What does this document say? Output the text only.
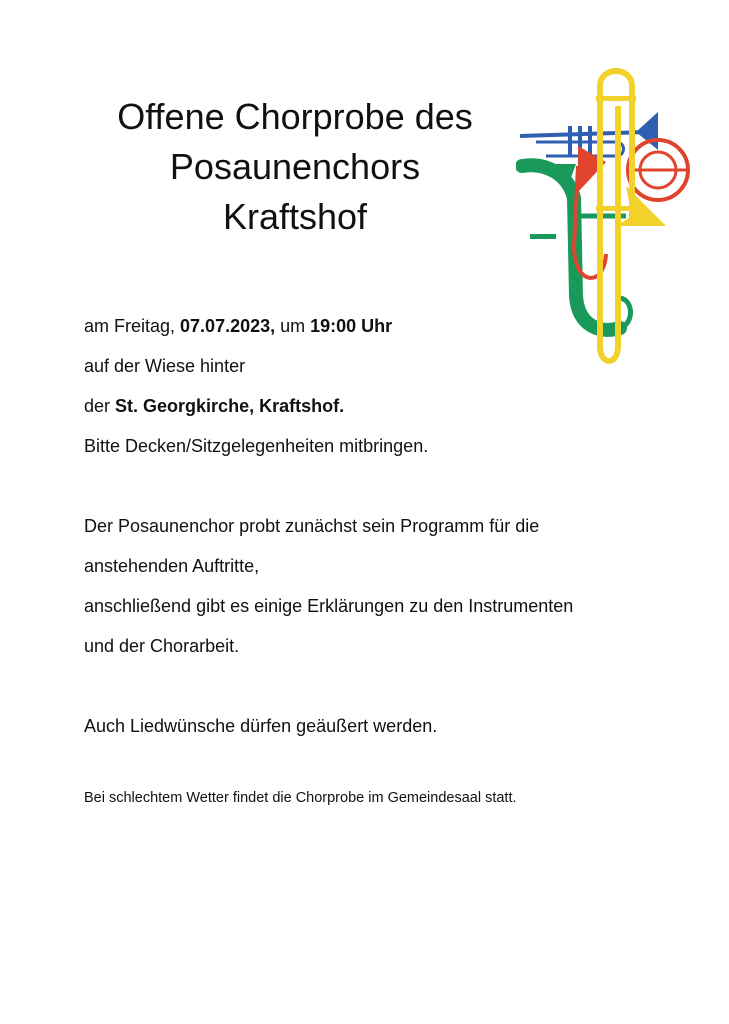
Offene Chorprobe des
Posaunenchors
Kraftshof
am Freitag, 07.07.2023, um 19:00 Uhr
auf der Wiese hinter
der St. Georgkirche, Kraftshof.
Bitte Decken/Sitzgelegenheiten mitbringen.
Der Posaunenchor probt zunächst sein Programm für die
anstehenden Auftritte,
anschließend gibt es einige Erklärungen zu den Instrumenten
und der Chorarbeit.
Auch Liedwünsche dürfen geäußert werden.
Bei schlechtem Wetter findet die Chorprobe im Gemeindesaal statt.
